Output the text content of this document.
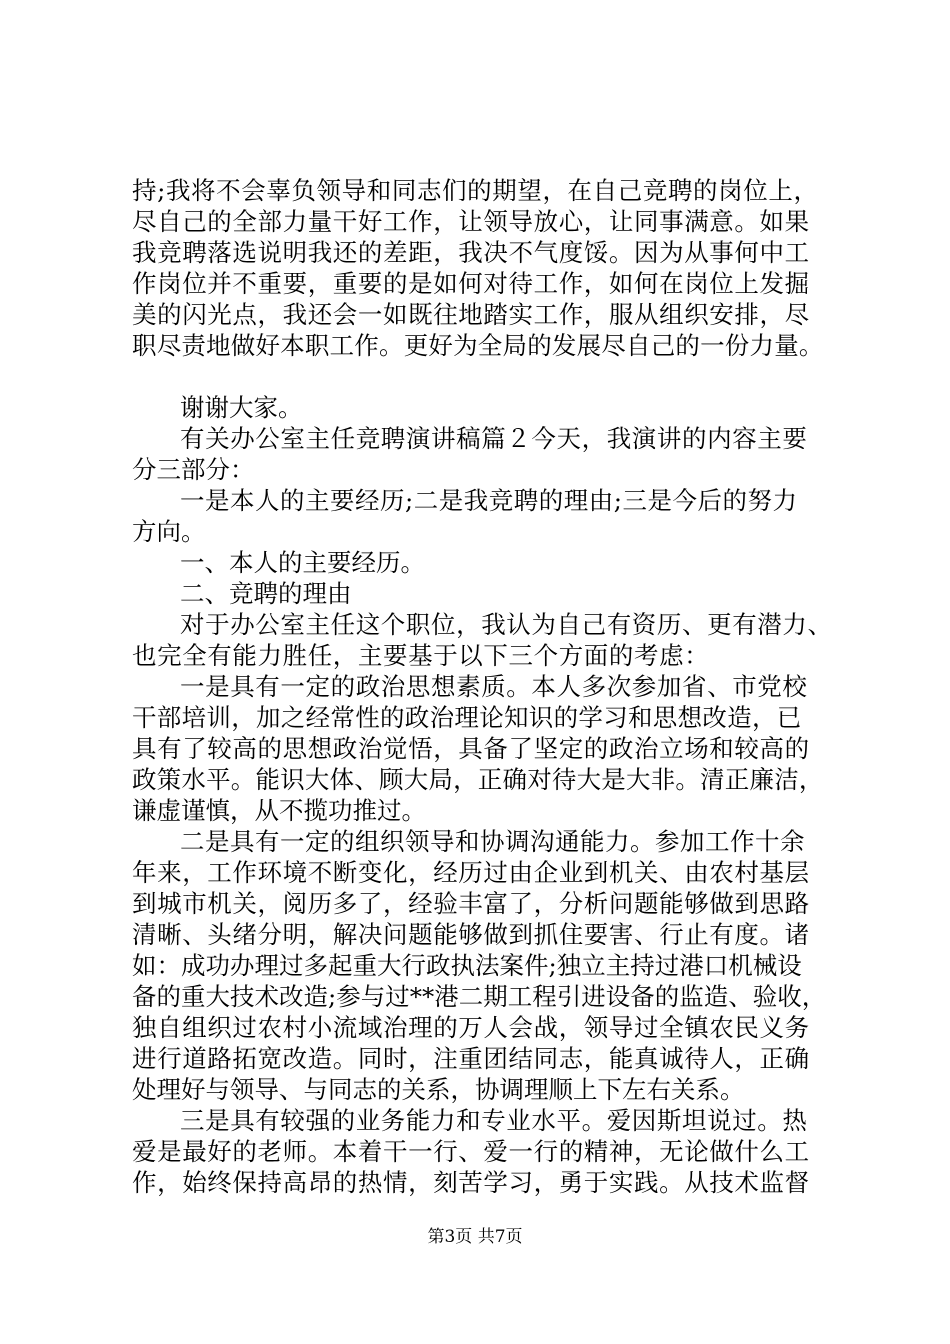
持;我将不会辜负领导和同志们的期望，在自己竞聘的岗位上，
尽自己的全部力量干好工作，让领导放心，让同事满意。如果
我竞聘落选说明我还的差距，我决不气度馁。因为从事何中工
作岗位并不重要，重要的是如何对待工作，如何在岗位上发掘
美的闪光点，我还会一如既往地踏实工作，服从组织安排，尽
职尽责地做好本职工作。更好为全局的发展尽自己的一份力量。
谢谢大家。
有关办公室主任竞聘演讲稿篇２今天，我演讲的内容主要
分三部分：
一是本人的主要经历;二是我竞聘的理由;三是今后的努力
方向。
一、本人的主要经历。
二、竞聘的理由
对于办公室主任这个职位，我认为自己有资历、更有潜力、
也完全有能力胜任，主要基于以下三个方面的考虑：
一是具有一定的政治思想素质。本人多次参加省、市党校
干部培训，加之经常性的政治理论知识的学习和思想改造，已
具有了较高的思想政治觉悟，具备了坚定的政治立场和较高的
政策水平。能识大体、顾大局，正确对待大是大非。清正廉洁，
谦虚谨慎，从不揽功推过。
二是具有一定的组织领导和协调沟通能力。参加工作十余
年来，工作环境不断变化，经历过由企业到机关、由农村基层
到城市机关，阅历多了，经验丰富了，分析问题能够做到思路
清晰、头绪分明，解决问题能够做到抓住要害、行止有度。诸
如：成功办理过多起重大行政执法案件;独立主持过港口机械设
备的重大技术改造;参与过**港二期工程引进设备的监造、验收，
独自组织过农村小流域治理的万人会战，领导过全镇农民义务
进行道路拓宽改造。同时，注重团结同志，能真诚待人，正确
处理好与领导、与同志的关系，协调理顺上下左右关系。
三是具有较强的业务能力和专业水平。爱因斯坦说过。热
爱是最好的老师。本着干一行、爱一行的精神，无论做什么工
作，始终保持高昂的热情，刻苦学习，勇于实践。从技术监督
第3页 共7页
